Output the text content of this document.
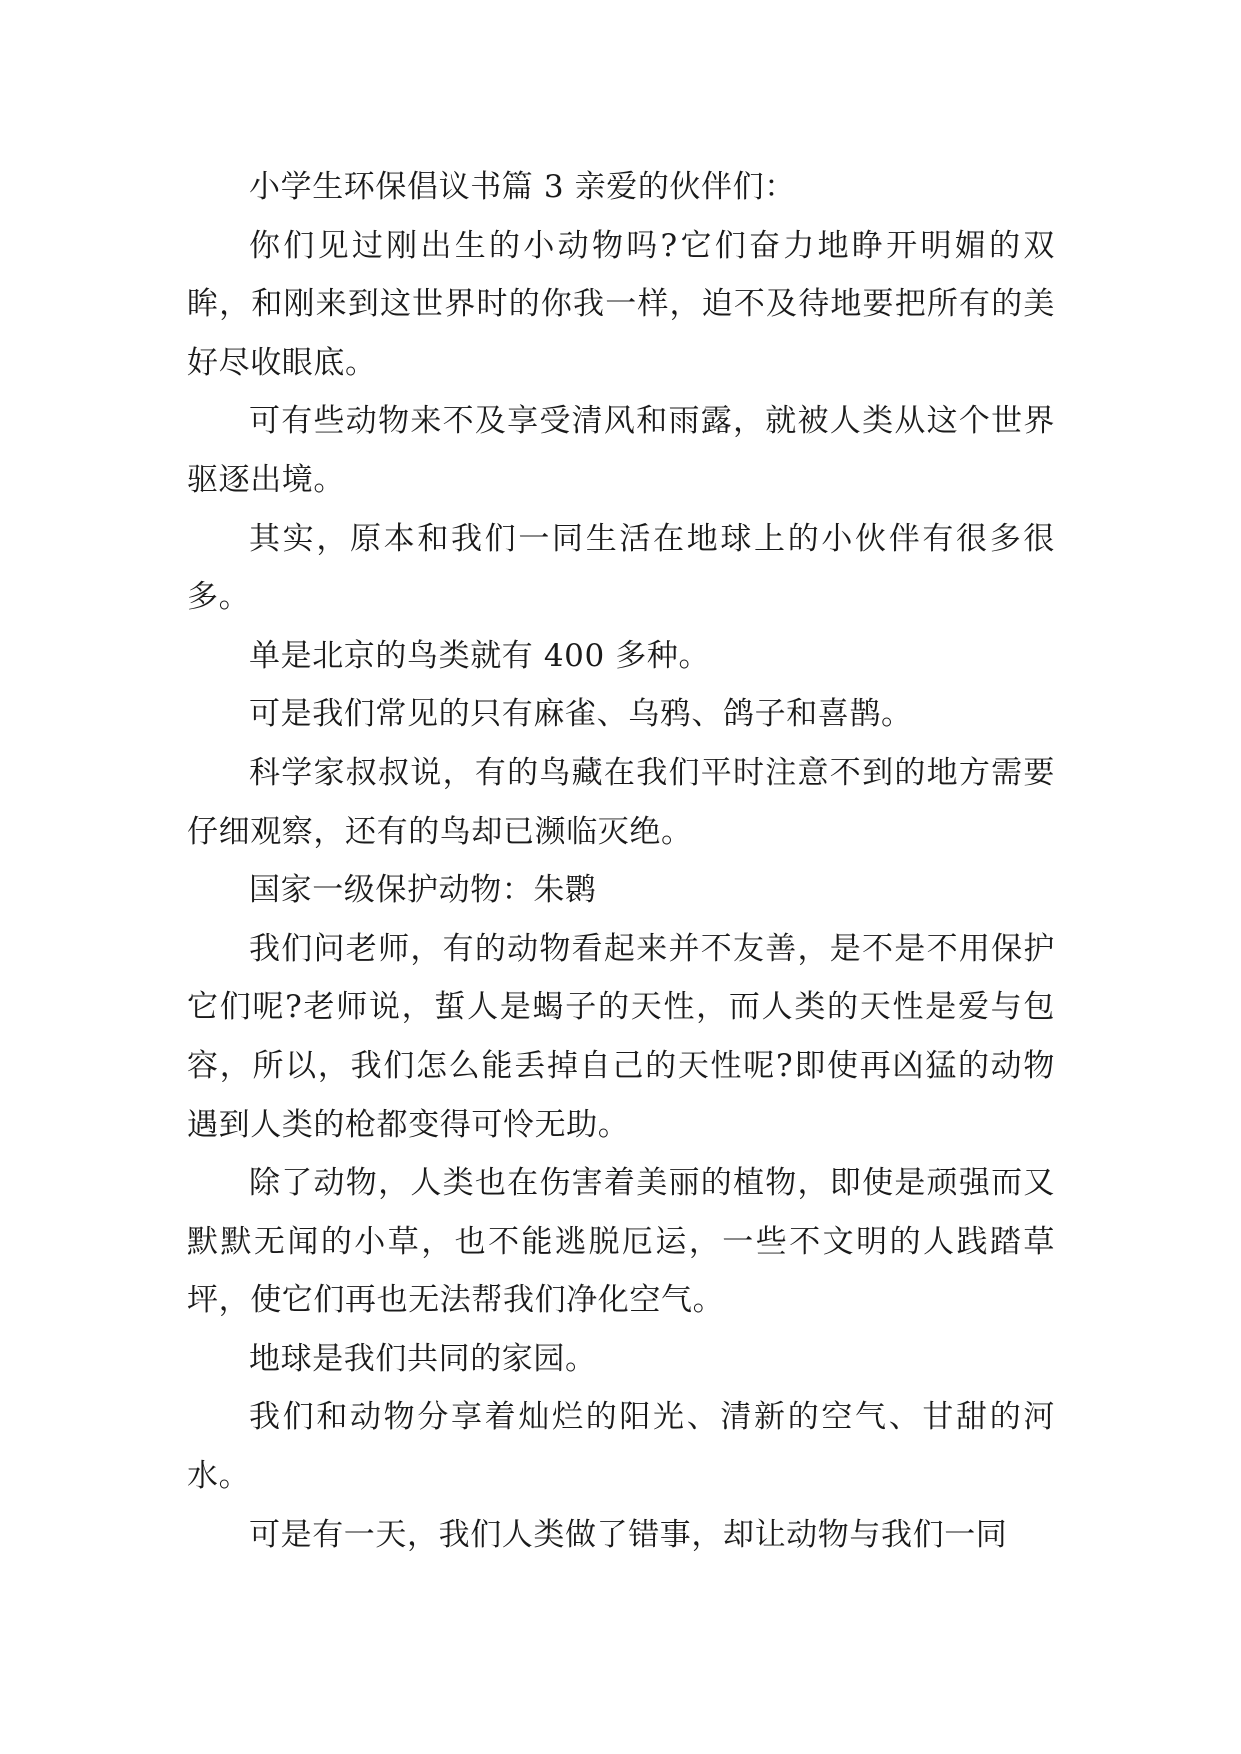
小学生环保倡议书篇 3 亲爱的伙伴们：

你们见过刚出生的小动物吗?它们奋力地睁开明媚的双眸，和刚来到这世界时的你我一样，迫不及待地要把所有的美好尽收眼底。

可有些动物来不及享受清风和雨露，就被人类从这个世界驱逐出境。

其实，原本和我们一同生活在地球上的小伙伴有很多很多。

单是北京的鸟类就有 400 多种。

可是我们常见的只有麻雀、乌鸦、鸽子和喜鹊。

科学家叔叔说，有的鸟藏在我们平时注意不到的地方需要仔细观察，还有的鸟却已濒临灭绝。

国家一级保护动物：朱鹮

我们问老师，有的动物看起来并不友善，是不是不用保护它们呢?老师说，蜇人是蝎子的天性，而人类的天性是爱与包容，所以，我们怎么能丢掉自己的天性呢?即使再凶猛的动物遇到人类的枪都变得可怜无助。

除了动物，人类也在伤害着美丽的植物，即使是顽强而又默默无闻的小草，也不能逃脱厄运，一些不文明的人践踏草坪，使它们再也无法帮我们净化空气。

地球是我们共同的家园。

我们和动物分享着灿烂的阳光、清新的空气、甘甜的河水。

可是有一天，我们人类做了错事，却让动物与我们一同
